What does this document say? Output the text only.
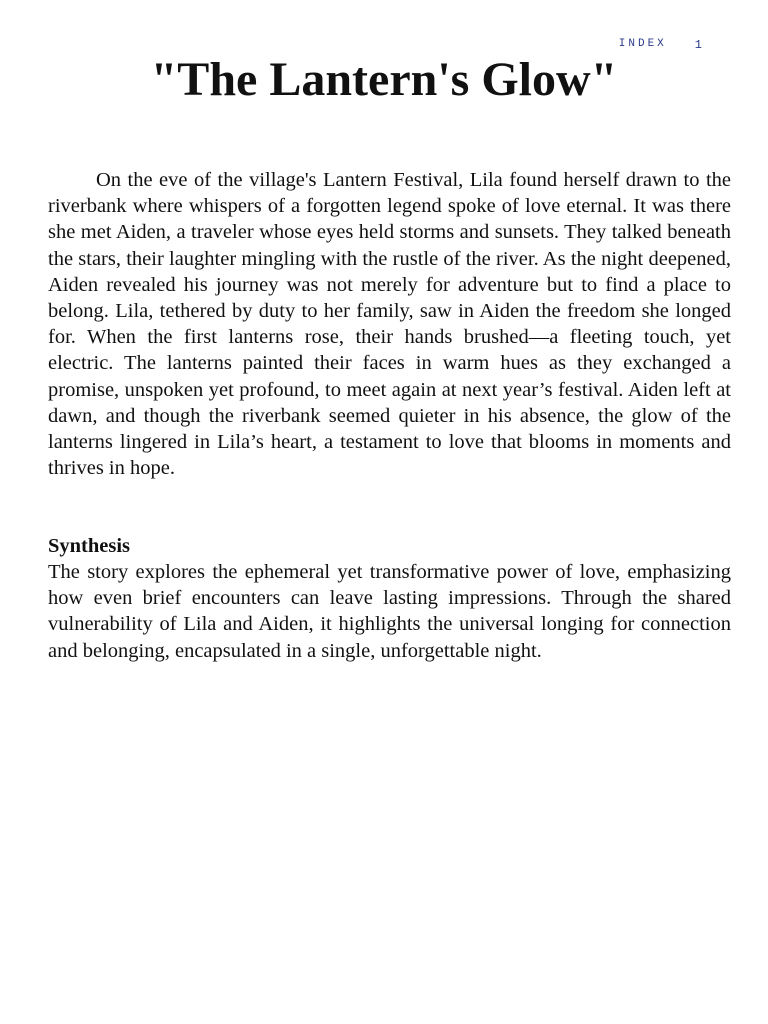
INDEX 1
"The Lantern's Glow"

On the eve of the village's Lantern Festival, Lila found herself drawn to the riverbank where whispers of a forgotten legend spoke of love eternal. It was there she met Aiden, a traveler whose eyes held storms and sunsets. They talked beneath the stars, their laughter mingling with the rustle of the river. As the night deepened, Aiden revealed his journey was not merely for adventure but to find a place to belong. Lila, tethered by duty to her family, saw in Aiden the freedom she longed for. When the first lanterns rose, their hands brushed—a fleeting touch, yet electric. The lanterns painted their faces in warm hues as they exchanged a promise, unspoken yet profound, to meet again at next year’s festival. Aiden left at dawn, and though the riverbank seemed quieter in his absence, the glow of the lanterns lingered in Lila’s heart, a testament to love that blooms in moments and thrives in hope.

Synthesis

The story explores the ephemeral yet transformative power of love, emphasizing how even brief encounters can leave lasting impressions. Through the shared vulnerability of Lila and Aiden, it highlights the universal longing for connection and belonging, encapsulated in a single, unforgettable night.
